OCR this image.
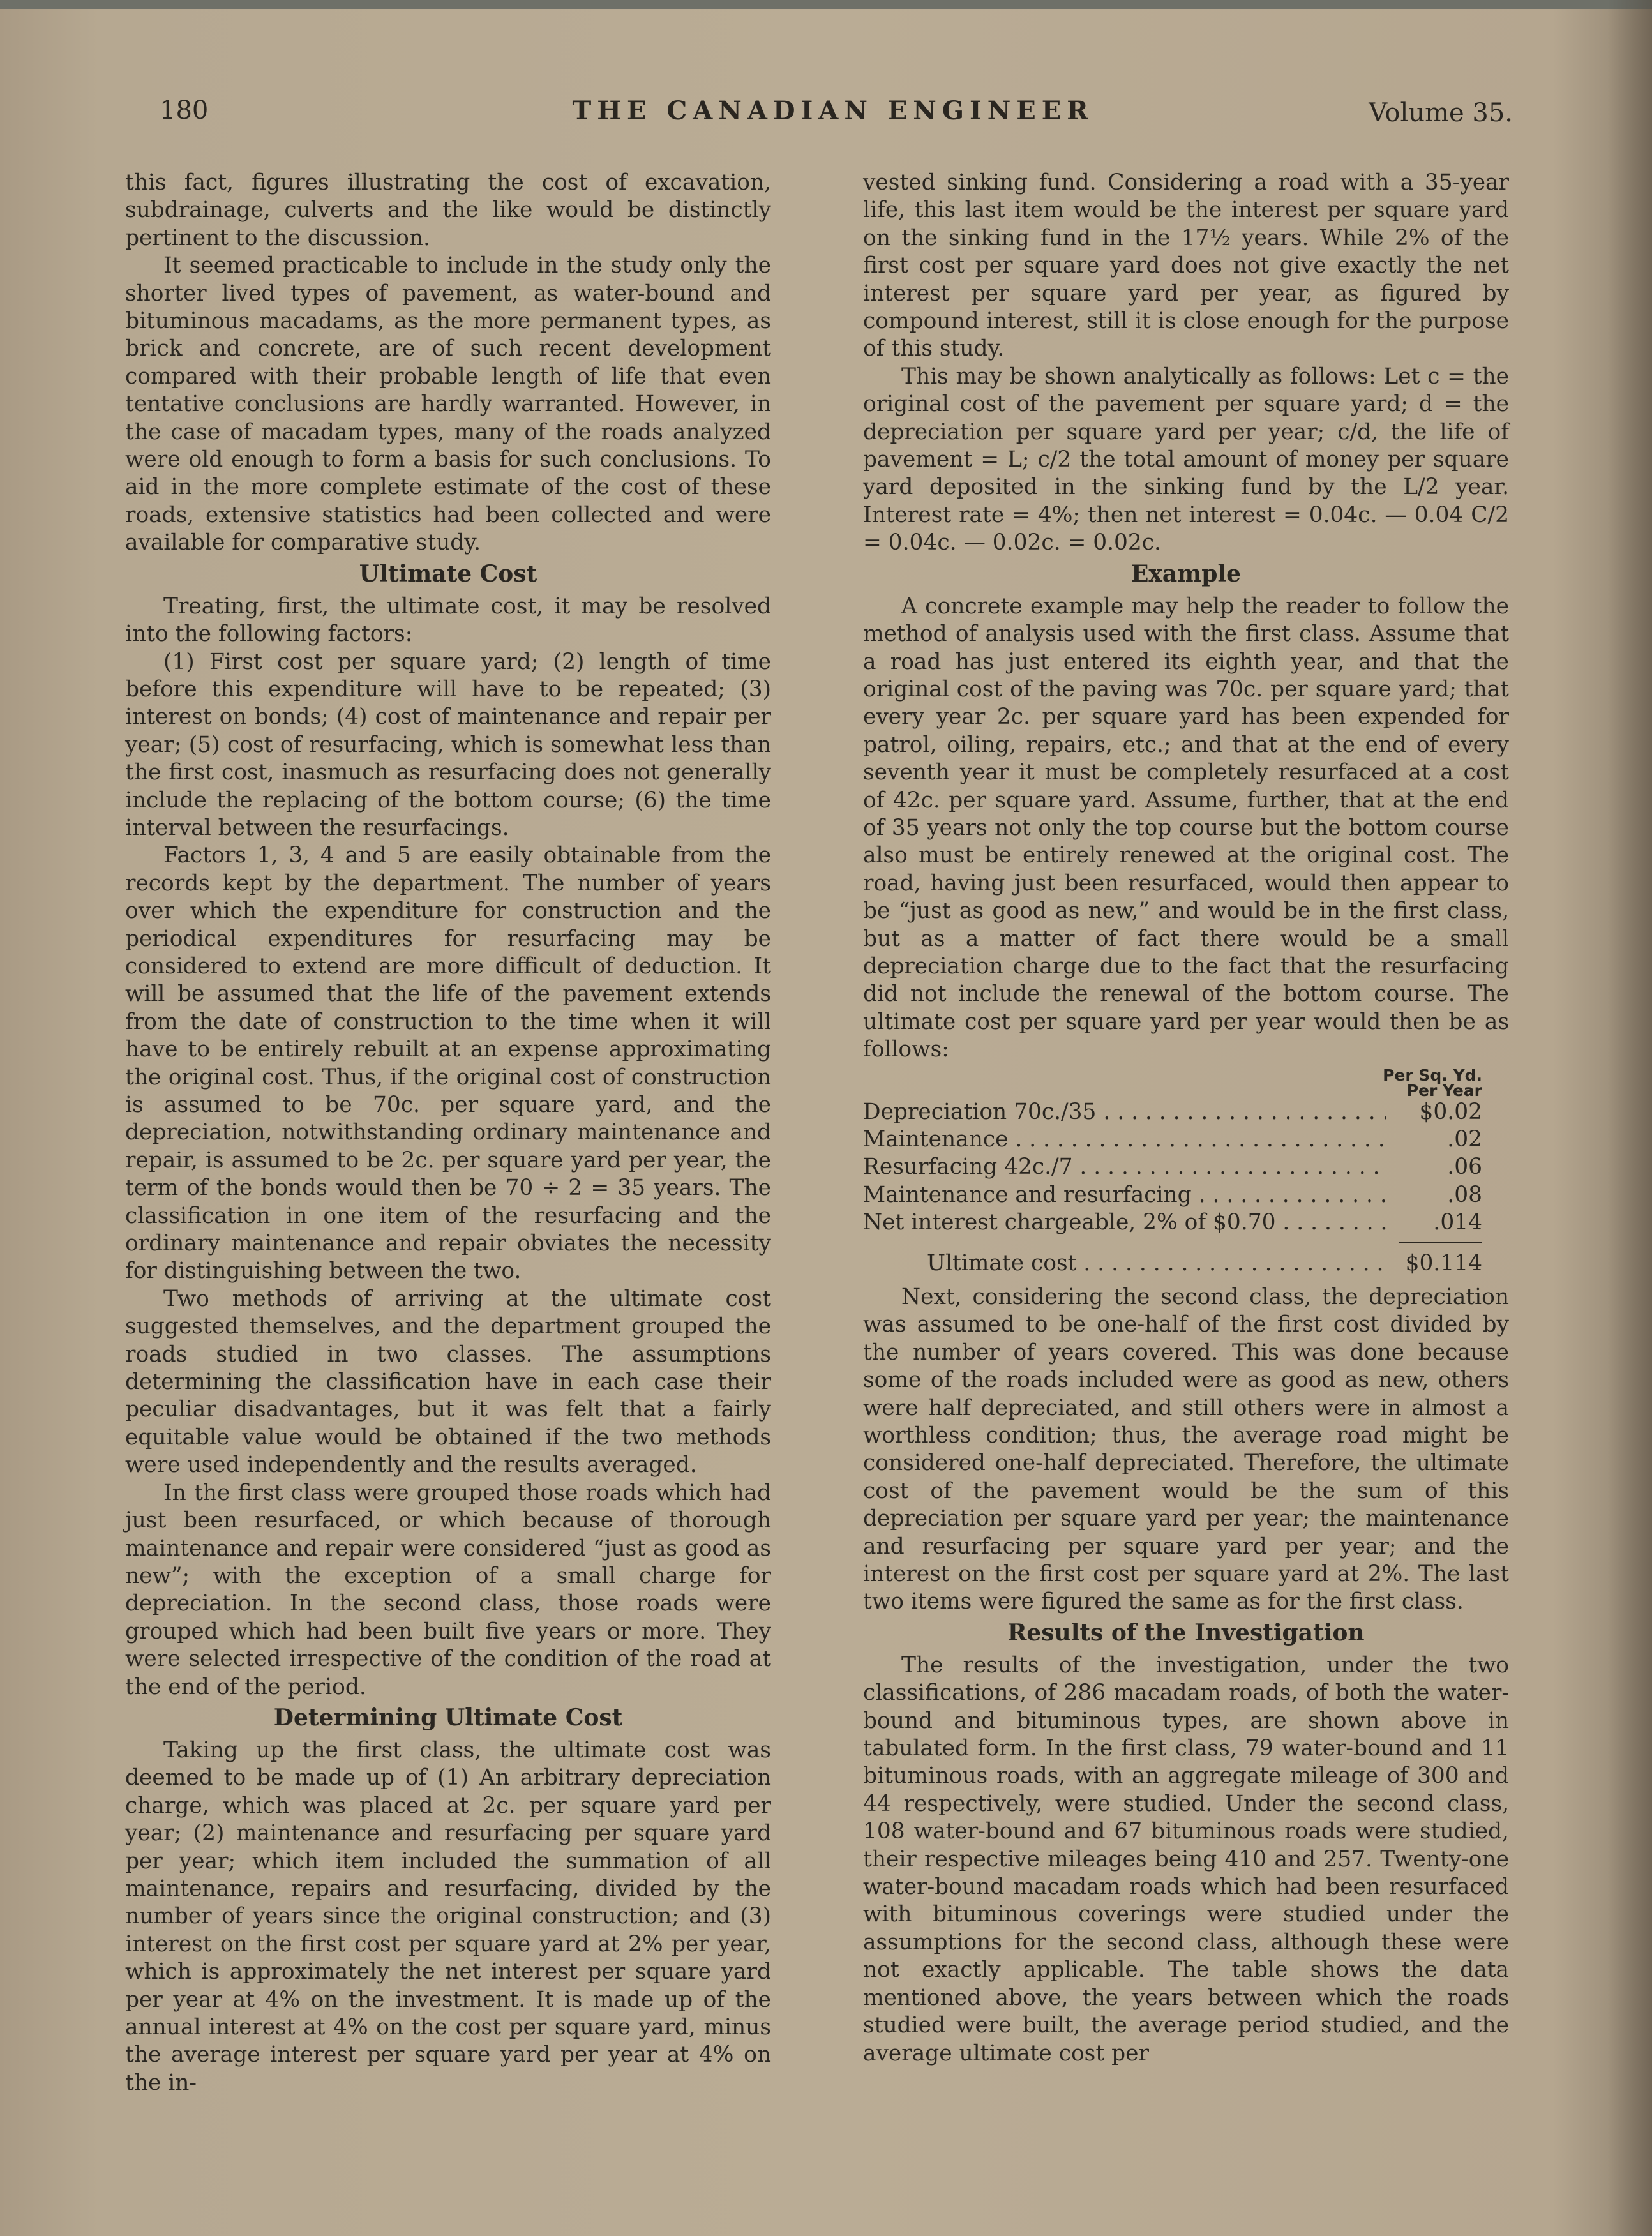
180	THE CANADIAN ENGINEER	Volume 35.

this fact, figures illustrating the cost of excavation, subdrainage, culverts and the like would be distinctly pertinent to the discussion.

It seemed practicable to include in the study only the shorter lived types of pavement, as water-bound and bituminous macadams, as the more permanent types, as brick and concrete, are of such recent development compared with their probable length of life that even tentative conclusions are hardly warranted. However, in the case of macadam types, many of the roads analyzed were old enough to form a basis for such conclusions. To aid in the more complete estimate of the cost of these roads, extensive statistics had been collected and were available for comparative study.

Ultimate Cost

Treating, first, the ultimate cost, it may be resolved into the following factors:

(1) First cost per square yard; (2) length of time before this expenditure will have to be repeated; (3) interest on bonds; (4) cost of maintenance and repair per year; (5) cost of resurfacing, which is somewhat less than the first cost, inasmuch as resurfacing does not generally include the replacing of the bottom course; (6) the time interval between the resurfacings.

Factors 1, 3, 4 and 5 are easily obtainable from the records kept by the department. The number of years over which the expenditure for construction and the periodical expenditures for resurfacing may be considered to extend are more difficult of deduction. It will be assumed that the life of the pavement extends from the date of construction to the time when it will have to be entirely rebuilt at an expense approximating the original cost. Thus, if the original cost of construction is assumed to be 70c. per square yard, and the depreciation, notwithstanding ordinary maintenance and repair, is assumed to be 2c. per square yard per year, the term of the bonds would then be 70 ÷ 2 = 35 years. The classification in one item of the resurfacing and the ordinary maintenance and repair obviates the necessity for distinguishing between the two.

Two methods of arriving at the ultimate cost suggested themselves, and the department grouped the roads studied in two classes. The assumptions determining the classification have in each case their peculiar disadvantages, but it was felt that a fairly equitable value would be obtained if the two methods were used independently and the results averaged.

In the first class were grouped those roads which had just been resurfaced, or which because of thorough maintenance and repair were considered “just as good as new”; with the exception of a small charge for depreciation. In the second class, those roads were grouped which had been built five years or more. They were selected irrespective of the condition of the road at the end of the period.

Determining Ultimate Cost

Taking up the first class, the ultimate cost was deemed to be made up of (1) An arbitrary depreciation charge, which was placed at 2c. per square yard per year; (2) maintenance and resurfacing per square yard per year; which item included the summation of all maintenance, repairs and resurfacing, divided by the number of years since the original construction; and (3) interest on the first cost per square yard at 2% per year, which is approximately the net interest per square yard per year at 4% on the investment. It is made up of the annual interest at 4% on the cost per square yard, minus the average interest per square yard per year at 4% on the in-

vested sinking fund. Considering a road with a 35-year life, this last item would be the interest per square yard on the sinking fund in the 17½ years. While 2% of the first cost per square yard does not give exactly the net interest per square yard per year, as figured by compound interest, still it is close enough for the purpose of this study.

This may be shown analytically as follows: Let c = the original cost of the pavement per square yard; d = the depreciation per square yard per year; c/d, the life of pavement = L; c/2 the total amount of money per square yard deposited in the sinking fund by the L/2 year. Interest rate = 4%; then net interest = 0.04c. — 0.04 C/2 = 0.04c. — 0.02c. = 0.02c.

Example

A concrete example may help the reader to follow the method of analysis used with the first class. Assume that a road has just entered its eighth year, and that the original cost of the paving was 70c. per square yard; that every year 2c. per square yard has been expended for patrol, oiling, repairs, etc.; and that at the end of every seventh year it must be completely resurfaced at a cost of 42c. per square yard. Assume, further, that at the end of 35 years not only the top course but the bottom course also must be entirely renewed at the original cost. The road, having just been resurfaced, would then appear to be “just as good as new,” and would be in the first class, but as a matter of fact there would be a small depreciation charge due to the fact that the resurfacing did not include the renewal of the bottom course. The ultimate cost per square yard per year would then be as follows:

Per Sq. Yd.
Per Year
Depreciation 70c./35 . . .	$0.02
Maintenance . . .	.02
Resurfacing 42c./7 . . .	.06
Maintenance and resurfacing . . .	.08
Net interest chargeable, 2% of $0.70 . . .	.014
Ultimate cost . . .	$0.114

Next, considering the second class, the depreciation was assumed to be one-half of the first cost divided by the number of years covered. This was done because some of the roads included were as good as new, others were half depreciated, and still others were in almost a worthless condition; thus, the average road might be considered one-half depreciated. Therefore, the ultimate cost of the pavement would be the sum of this depreciation per square yard per year; the maintenance and resurfacing per square yard per year; and the interest on the first cost per square yard at 2%. The last two items were figured the same as for the first class.

Results of the Investigation

The results of the investigation, under the two classifications, of 286 macadam roads, of both the water-bound and bituminous types, are shown above in tabulated form. In the first class, 79 water-bound and 11 bituminous roads, with an aggregate mileage of 300 and 44 respectively, were studied. Under the second class, 108 water-bound and 67 bituminous roads were studied, their respective mileages being 410 and 257. Twenty-one water-bound macadam roads which had been resurfaced with bituminous coverings were studied under the assumptions for the second class, although these were not exactly applicable. The table shows the data mentioned above, the years between which the roads studied were built, the average period studied, and the average ultimate cost per
